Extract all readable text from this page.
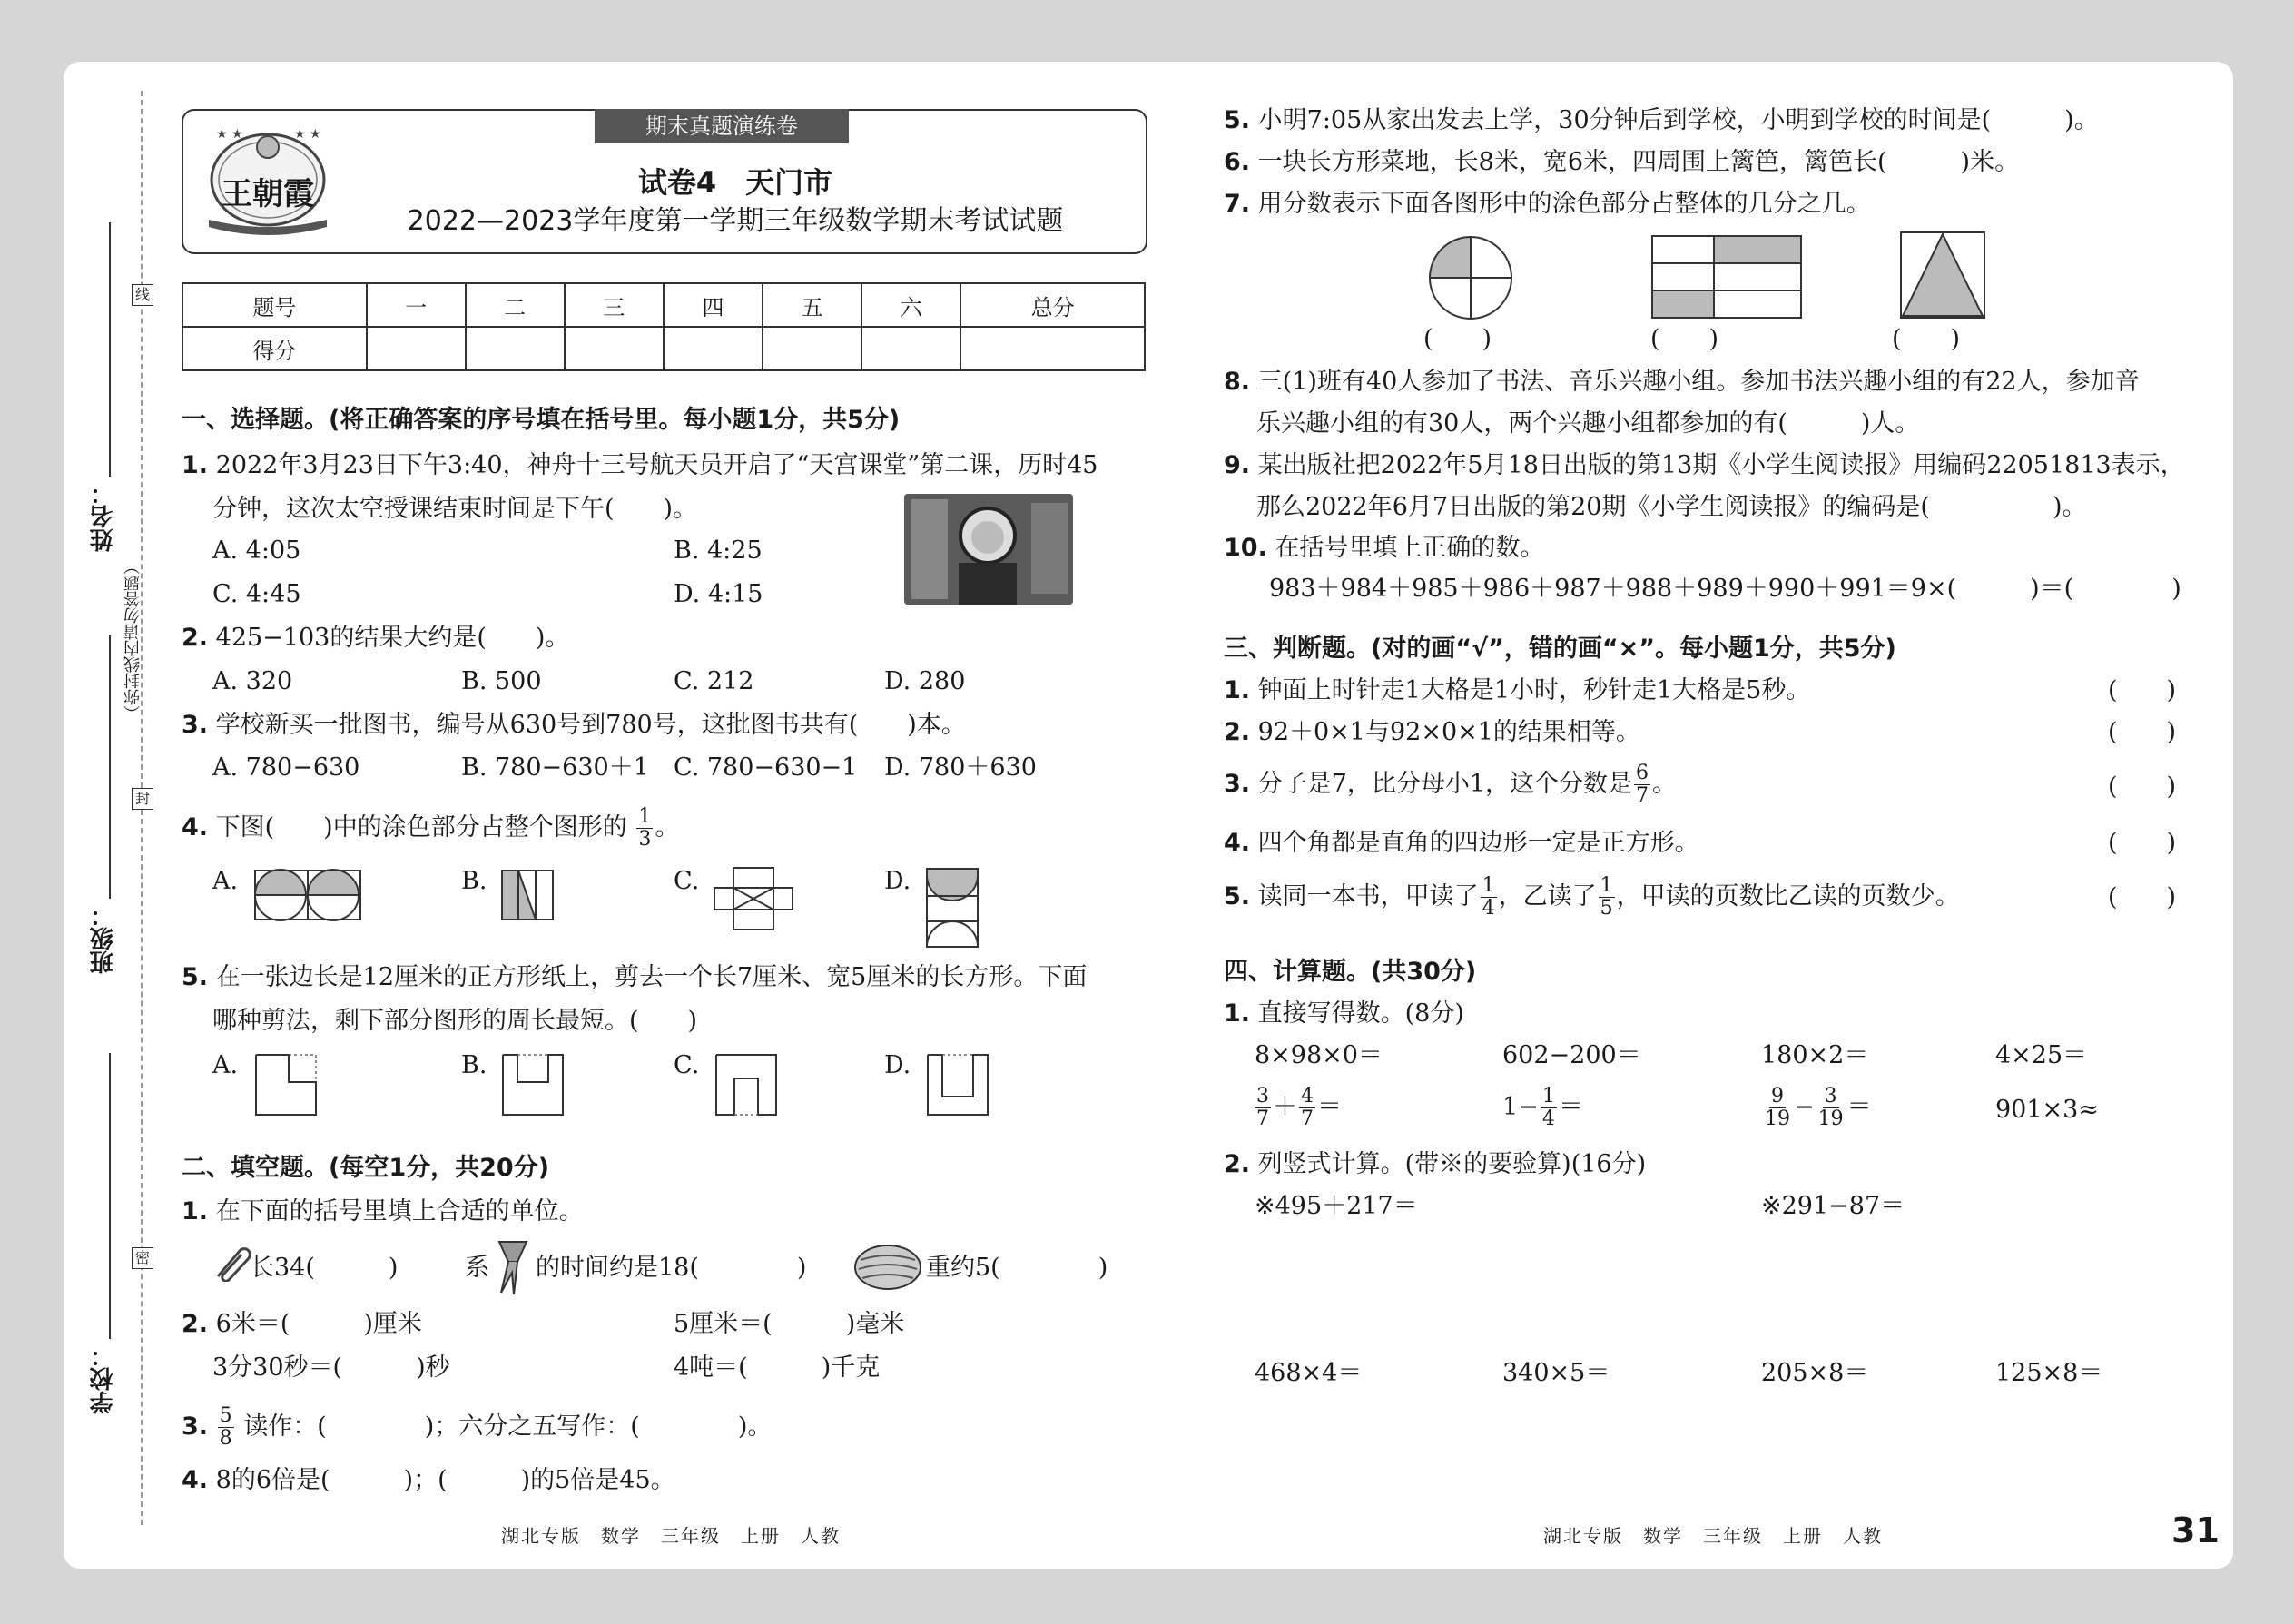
线
封
密
（弥封线内请勿答题）
姓名：
班级：
学校：
期末真题演练卷
★ ★	★ ★
王朝霞	试卷4　天门市
2022—2023学年度第一学期三年级数学期末考试试题
题号	一	二	三	四	五	六	总分
得分							
一、选择题。(将正确答案的序号填在括号里。每小题1分，共5分)
1. 2022年3月23日下午3:40，神舟十三号航天员开启了“天宫课堂”第二课，历时45
分钟，这次太空授课结束时间是下午(　　)。
A. 4:05	B. 4:25
C. 4:45	D. 4:15
2. 425−103的结果大约是(　　)。
A. 320	B. 500	C. 212	D. 280
3. 学校新买一批图书，编号从630号到780号，这批图书共有(　　)本。
A. 780−630	B. 780−630＋1 C. 780−630−1 D. 780＋630
4. 下图(　　)中的涂色部分占整个图形的 $\frac{1}{3}$ 。
A.	B.	C.	D.
5. 在一张边长是12厘米的正方形纸上，剪去一个长7厘米、宽5厘米的长方形。下面
哪种剪法，剩下部分图形的周长最短。(　　)
A.	B.	C.	D.
二、填空题。(每空1分，共20分)
1. 在下面的括号里填上合适的单位。
长34(　　　)	系 的时间约是18(　　　　)	重约5(　　　　)
2. 6米＝(　　　)厘米	5厘米＝(　　　)毫米
3分30秒＝(　　　)秒	4吨＝(　　　)千克
3. $\frac{5}{8}$ 读作：(　　　　)；六分之五写作：(　　　　)。
4. 8的6倍是(　　　)；(　　　)的5倍是45。
湖北专版　数学　三年级　上册　人教
5. 小明7:05从家出发去上学，30分钟后到学校，小明到学校的时间是(　　　)。
6. 一块长方形菜地，长8米，宽6米，四周围上篱笆，篱笆长(　　　)米。
7. 用分数表示下面各图形中的涂色部分占整体的几分之几。
(　　)	(　　)	(　　)
8. 三(1)班有40人参加了书法、音乐兴趣小组。参加书法兴趣小组的有22人，参加音
乐兴趣小组的有30人，两个兴趣小组都参加的有(　　　)人。
9. 某出版社把2022年5月18日出版的第13期《小学生阅读报》用编码22051813表示，
那么2022年6月7日出版的第20期《小学生阅读报》的编码是(　　　　　)。
10. 在括号里填上正确的数。
983＋984＋985＋986＋987＋988＋989＋990＋991＝9×(　　　)＝(　　　　)
三、判断题。(对的画“√”，错的画“×”。每小题1分，共5分)
1. 钟面上时针走1大格是1小时，秒针走1大格是5秒。	(　　)
2. 92＋0×1与92×0×1的结果相等。	(　　)
3. 分子是7，比分母小1，这个分数是 $\frac{6}{7}$ 。	(　　)
4. 四个角都是直角的四边形一定是正方形。	(　　)
5. 读同一本书，甲读了 $\frac{1}{4}$ ，乙读了 $\frac{1}{5}$ ，甲读的页数比乙读的页数少。	(　　)
四、计算题。(共30分)
1. 直接写得数。(8分)
8×98×0＝	602−200＝	180×2＝	4×25＝
$\frac{3}{7} + \frac{4}{7}$ ＝	$1- \frac{1}{4}$ ＝	$\frac{9}{19} - \frac{3}{19}$ ＝	901×3≈
2. 列竖式计算。(带※的要验算)(16分)
※495＋217＝	※291−87＝
468×4＝	340×5＝	205×8＝	125×8＝
湖北专版　数学　三年级　上册　人教	31
